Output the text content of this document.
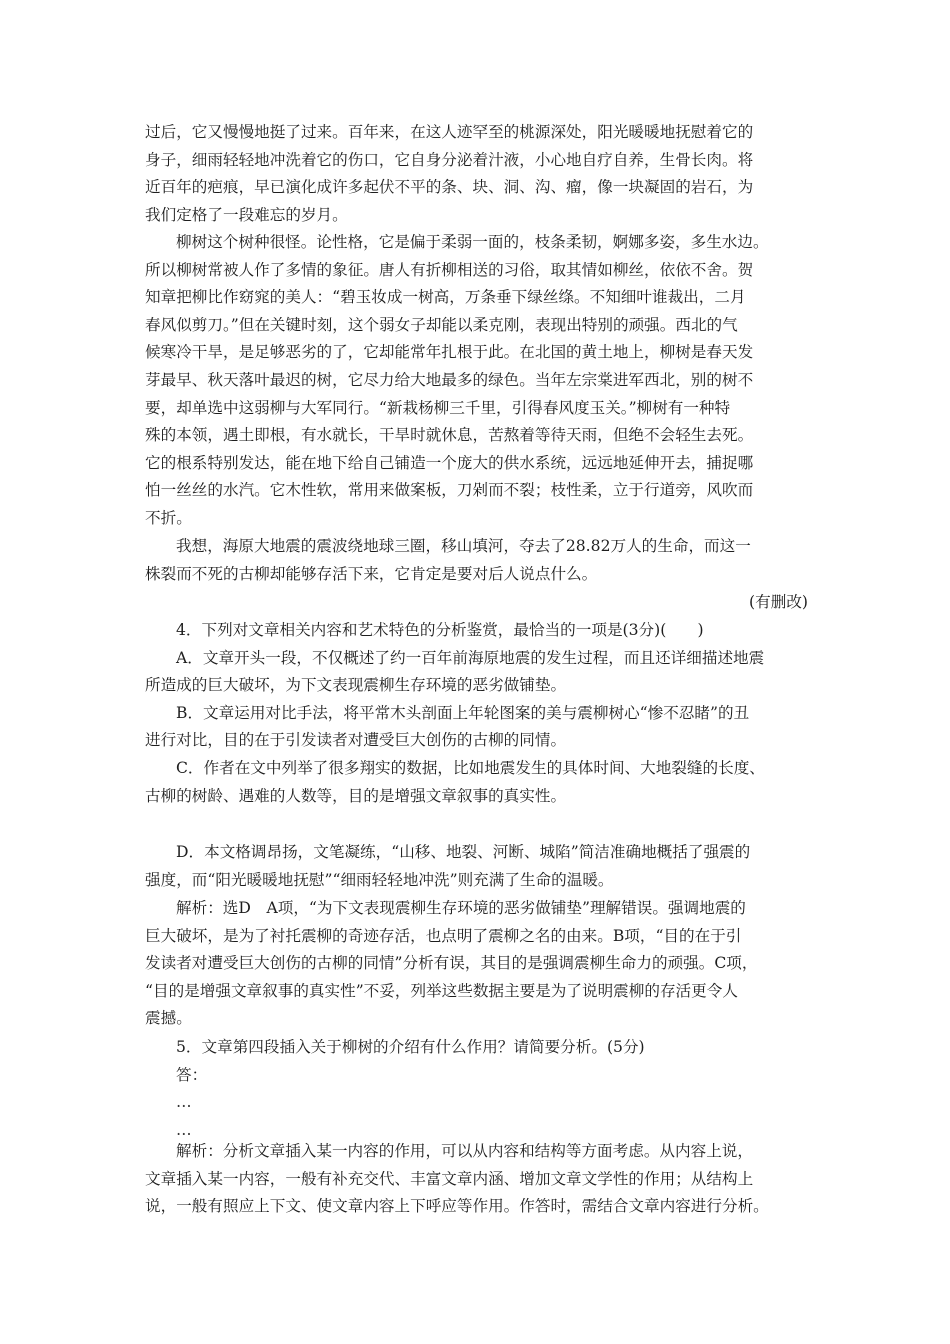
过后，它又慢慢地挺了过来。百年来，在这人迹罕至的桃源深处，阳光暖暖地抚慰着它的
身子，细雨轻轻地冲洗着它的伤口，它自身分泌着汁液，小心地自疗自养，生骨长肉。将
近百年的疤痕，早已演化成许多起伏不平的条、块、洞、沟、瘤，像一块凝固的岩石，为
我们定格了一段难忘的岁月。
柳树这个树种很怪。论性格，它是偏于柔弱一面的，枝条柔韧，婀娜多姿，多生水边。
所以柳树常被人作了多情的象征。唐人有折柳相送的习俗，取其情如柳丝，依依不舍。贺
知章把柳比作窈窕的美人：“碧玉妆成一树高，万条垂下绿丝绦。不知细叶谁裁出，二月
春风似剪刀。”但在关键时刻，这个弱女子却能以柔克刚，表现出特别的顽强。西北的气
候寒冷干旱，是足够恶劣的了，它却能常年扎根于此。在北国的黄土地上，柳树是春天发
芽最早、秋天落叶最迟的树，它尽力给大地最多的绿色。当年左宗棠进军西北，别的树不
要，却单选中这弱柳与大军同行。“新栽杨柳三千里，引得春风度玉关。”柳树有一种特
殊的本领，遇土即根，有水就长，干旱时就休息，苦熬着等待天雨，但绝不会轻生去死。
它的根系特别发达，能在地下给自己铺造一个庞大的供水系统，远远地延伸开去，捕捉哪
怕一丝丝的水汽。它木性软，常用来做案板，刀剁而不裂；枝性柔，立于行道旁，风吹而
不折。
我想，海原大地震的震波绕地球三圈，移山填河，夺去了28.82万人的生命，而这一
株裂而不死的古柳却能够存活下来，它肯定是要对后人说点什么。
(有删改)
4．下列对文章相关内容和艺术特色的分析鉴赏，最恰当的一项是(3分)(　　)
A．文章开头一段，不仅概述了约一百年前海原地震的发生过程，而且还详细描述地震
所造成的巨大破坏，为下文表现震柳生存环境的恶劣做铺垫。
B．文章运用对比手法，将平常木头剖面上年轮图案的美与震柳树心“惨不忍睹”的丑
进行对比，目的在于引发读者对遭受巨大创伤的古柳的同情。
C．作者在文中列举了很多翔实的数据，比如地震发生的具体时间、大地裂缝的长度、
古柳的树龄、遇难的人数等，目的是增强文章叙事的真实性。
D．本文格调昂扬，文笔凝练，“山移、地裂、河断、城陷”简洁准确地概括了强震的
强度，而“阳光暖暖地抚慰”“细雨轻轻地冲洗”则充满了生命的温暖。
解析：选D　A项，“为下文表现震柳生存环境的恶劣做铺垫”理解错误。强调地震的
巨大破坏，是为了衬托震柳的奇迹存活，也点明了震柳之名的由来。B项，“目的在于引
发读者对遭受巨大创伤的古柳的同情”分析有误，其目的是强调震柳生命力的顽强。C项，
“目的是增强文章叙事的真实性”不妥，列举这些数据主要是为了说明震柳的存活更令人
震撼。
5．文章第四段插入关于柳树的介绍有什么作用？请简要分析。(5分)
答：
…
…
解析：分析文章插入某一内容的作用，可以从内容和结构等方面考虑。从内容上说，
文章插入某一内容，一般有补充交代、丰富文章内涵、增加文章文学性的作用；从结构上
说，一般有照应上下文、使文章内容上下呼应等作用。作答时，需结合文章内容进行分析。
